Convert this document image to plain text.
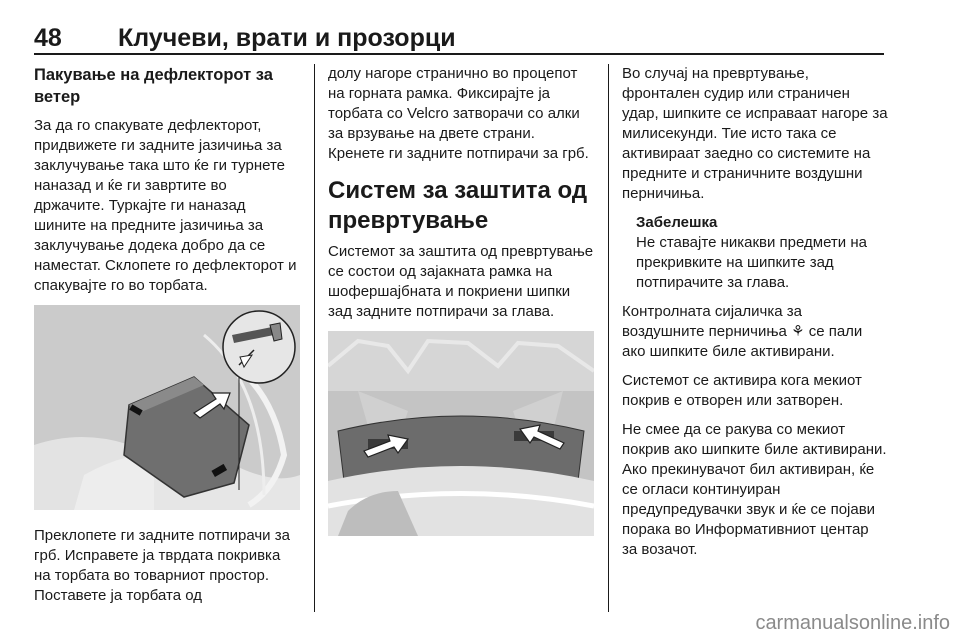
48 Клучеви, врати и прозорци
Пакување на дефлекторот за ветер

За да го спакувате дефлекторот, придвижете ги задните јазичиња за заклучување така што ќе ги турнете наназад и ќе ги завртите во држачите. Туркајте ги наназад шините на предните јазичиња за заклучување додека добро да се наместат. Склопете го дефлекторот и спакувајте го во торбата.

Преклопете ги задните потпирачи за грб. Исправете ја тврдата покривка на торбата во товарниот простор. Поставете ја торбата од

долу нагоре странично во процепот на горната рамка. Фиксирајте ја торбата со Velcro затворачи со алки за врзување на двете страни. Кренете ги задните потпирачи за грб.

Систем за заштита од превртување

Системот за заштита од превртување се состои од зајакната рамка на шофершајбната и покриени шипки зад задните потпирачи за глава.

Во случај на превртување, фронтален судир или страничен удар, шипките се исправаат нагоре за милисекунди. Тие исто така се активираат заедно со системите на предните и страничните воздушни перничиња.

Забелешка
Не ставајте никакви предмети на прекривките на шипките зад потпирачите за глава.

Контролната сијаличка за воздушните перничиња ⚘ се пали ако шипките биле активирани.

Системот се активира кога мекиот покрив е отворен или затворен.

Не смее да се ракува со мекиот покрив ако шипките биле активирани. Ако прекинувачот бил активиран, ќе се огласи континуиран предупредувачки звук и ќе се појави порака во Информативниот центар за возачот.

carmanualsonline.info
